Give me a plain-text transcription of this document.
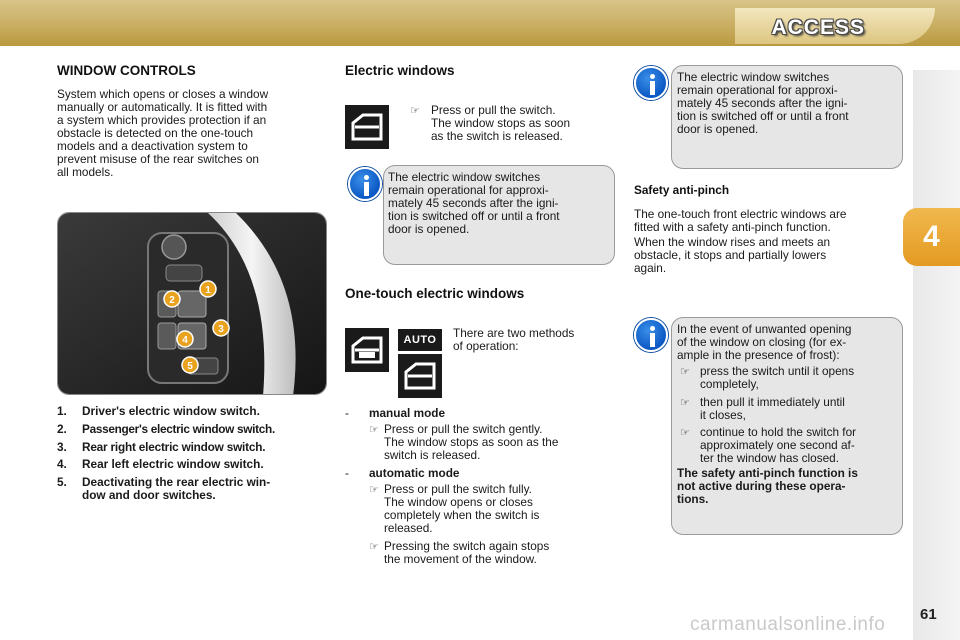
ACCESS
4
61
WINDOW CONTROLS
System which opens or closes a window
manually or automatically. It is fitted with
a system which provides protection if an
obstacle is detected on the one-touch
models and a deactivation system to
prevent misuse of the rear switches on
all models.
1
2
3
4
5
1. Driver's electric window switch.
2. Passenger's electric window switch.
3. Rear right electric window switch.
4. Rear left electric window switch.
5. Deactivating the rear electric win-
dow and door switches.
Electric windows
☞ Press or pull the switch.
The window stops as soon
as the switch is released.
The electric window switches
remain operational for approxi-
mately 45 seconds after the igni-
tion is switched off or until a front
door is opened.
One-touch electric windows
AUTO	There are two methods
of operation:
- manual mode
☞ Press or pull the switch gently.
The window stops as soon as the
switch is released.
- automatic mode
☞ Press or pull the switch fully.
The window opens or closes
completely when the switch is
released.
☞ Pressing the switch again stops
the movement of the window.
The electric window switches
remain operational for approxi-
mately 45 seconds after the igni-
tion is switched off or until a front
door is opened.
Safety anti-pinch
The one-touch front electric windows are
fitted with a safety anti-pinch function.
When the window rises and meets an
obstacle, it stops and partially lowers
again.
In the event of unwanted opening
of the window on closing (for ex-
ample in the presence of frost):
☞ press the switch until it opens
completely,
☞ then pull it immediately until
it closes,
☞ continue to hold the switch for
approximately one second af-
ter the window has closed.
The safety anti-pinch function is
not active during these opera-
tions.
carmanualsonline.info
